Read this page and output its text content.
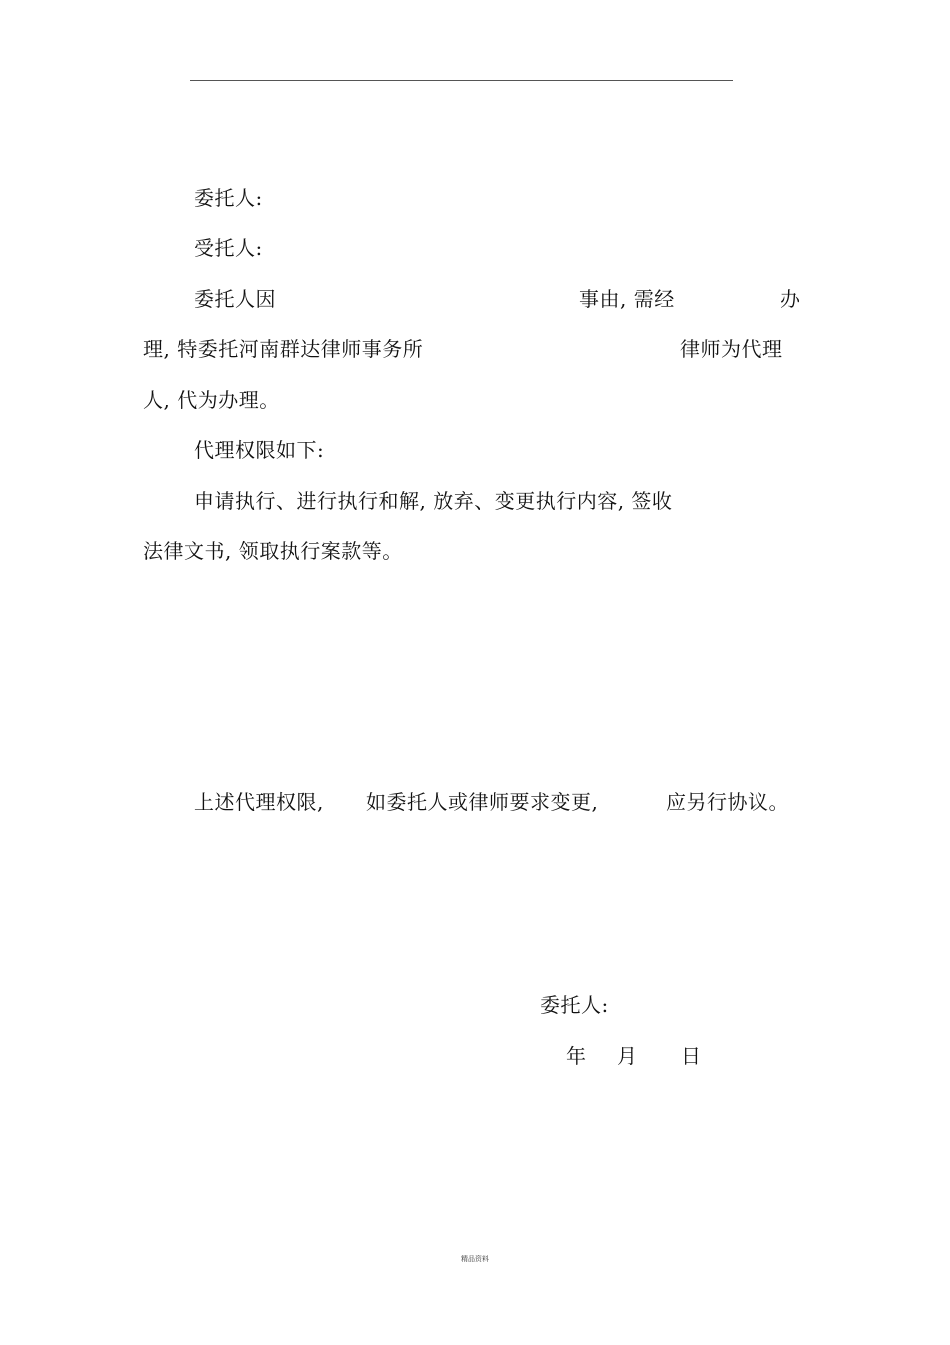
委托人:
受托人:
委托人因	事由, 需经	办
理, 特委托河南群达律师事务所	律师为代理
人, 代为办理。
代理权限如下:
申请执行、进行执行和解, 放弃、变更执行内容, 签收
法律文书, 领取执行案款等。
上述代理权限, 如委托人或律师要求变更,	应另行协议。
委托人:
年 月 日
精品资料
